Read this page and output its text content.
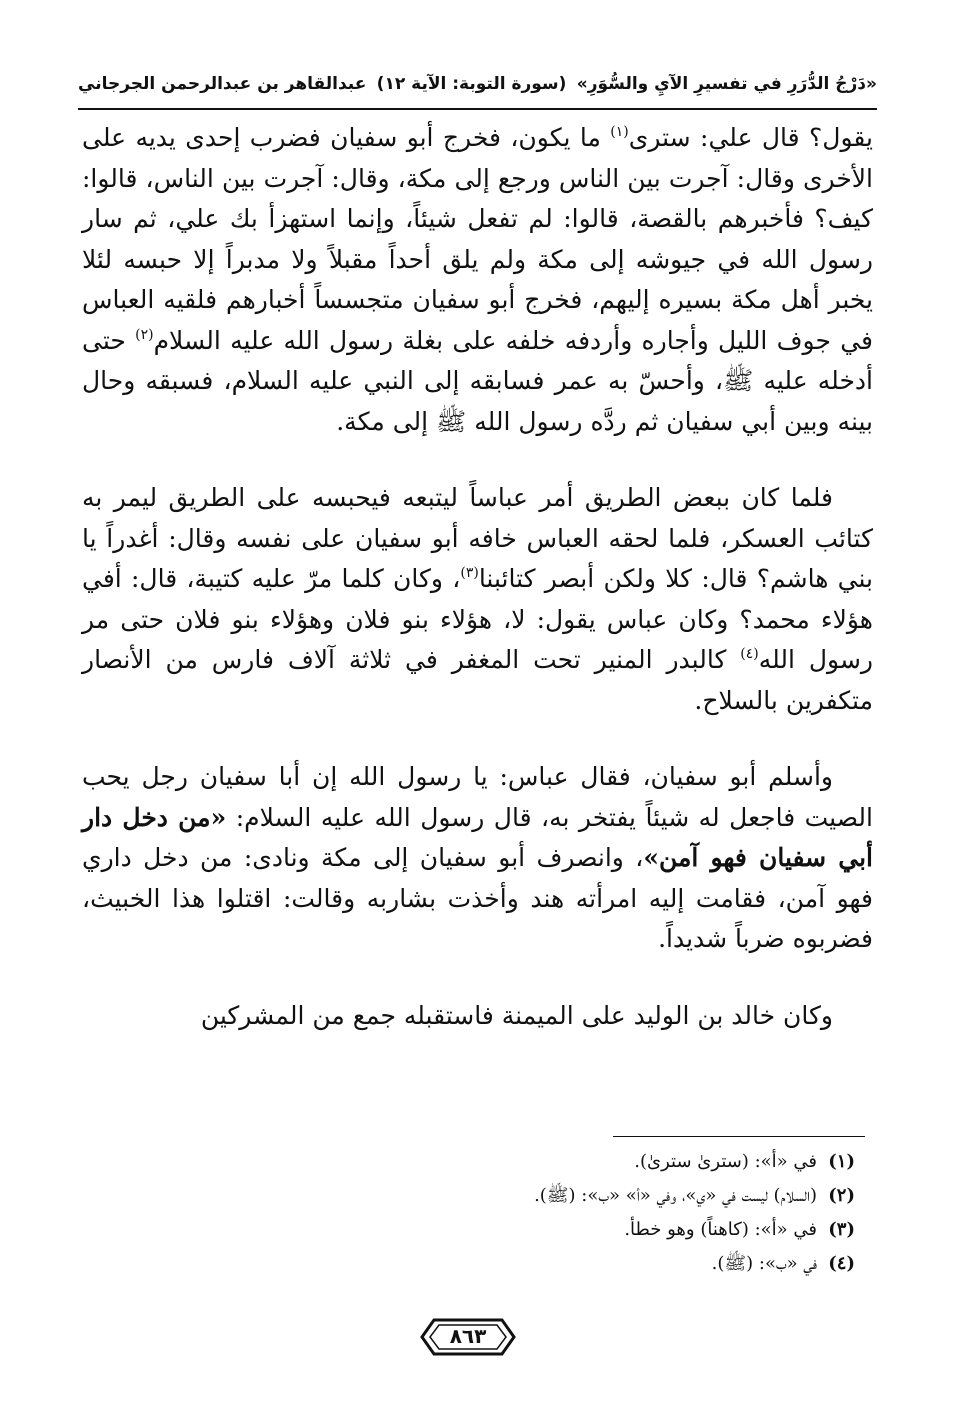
«دَرْجُ الدُّرَرِ في تفسيرِ الآيِ والسُّوَرِ»
(سورة التوبة: الآية ١٢)
عبدالقاهر بن عبدالرحمن الجرجاني

يقول؟ قال علي: سترى$^{(١)}$ ما يكون، فخرج أبو سفيان فضرب إحدى يديه على الأخرى وقال: آجرت بين الناس ورجع إلى مكة، وقال: آجرت بين الناس، قالوا: كيف؟ فأخبرهم بالقصة، قالوا: لم تفعل شيئاً، وإنما استهزأ بك علي، ثم سار رسول الله في جيوشه إلى مكة ولم يلق أحداً مقبلاً ولا مدبراً إلا حبسه لئلا يخبر أهل مكة بسيره إليهم، فخرج أبو سفيان متجسساً أخبارهم فلقيه العباس في جوف الليل وأجاره وأردفه خلفه على بغلة رسول الله عليه السلام$^{(٢)}$ حتى أدخله عليه ﷺ، وأحسّ به عمر فسابقه إلى النبي عليه السلام، فسبقه وحال بينه وبين أبي سفيان ثم ردَّه رسول الله ﷺ إلى مكة.

فلما كان ببعض الطريق أمر عباساً ليتبعه فيحبسه على الطريق ليمر به كتائب العسكر، فلما لحقه العباس خافه أبو سفيان على نفسه وقال: أغدراً يا بني هاشم؟ قال: كلا ولكن أبصر كتائبنا$^{(٣)}$، وكان كلما مرّ عليه كتيبة، قال: أفي هؤلاء محمد؟ وكان عباس يقول: لا، هؤلاء بنو فلان وهؤلاء بنو فلان حتى مر رسول الله$^{(٤)}$ كالبدر المنير تحت المغفر في ثلاثة آلاف فارس من الأنصار متكفرين بالسلاح.

وأسلم أبو سفيان، فقال عباس: يا رسول الله إن أبا سفيان رجل يحب الصيت فاجعل له شيئاً يفتخر به، قال رسول الله عليه السلام: «من دخل دار أبي سفيان فهو آمن»، وانصرف أبو سفيان إلى مكة ونادى: من دخل داري فهو آمن، فقامت إليه امرأته هند وأخذت بشاربه وقالت: اقتلوا هذا الخبيث، فضربوه ضرباً شديداً.

وكان خالد بن الوليد على الميمنة فاستقبله جمع من المشركين

(١)في «أ»: (سترىٰ سترىٰ).
(٢)(السلام) ليست في «ي»، وفي «أ» «ب»: (ﷺ).
(٣)في «أ»: (كاهناً) وهو خطأ.
(٤)في «ب»: (ﷺ).
٨٦٣
